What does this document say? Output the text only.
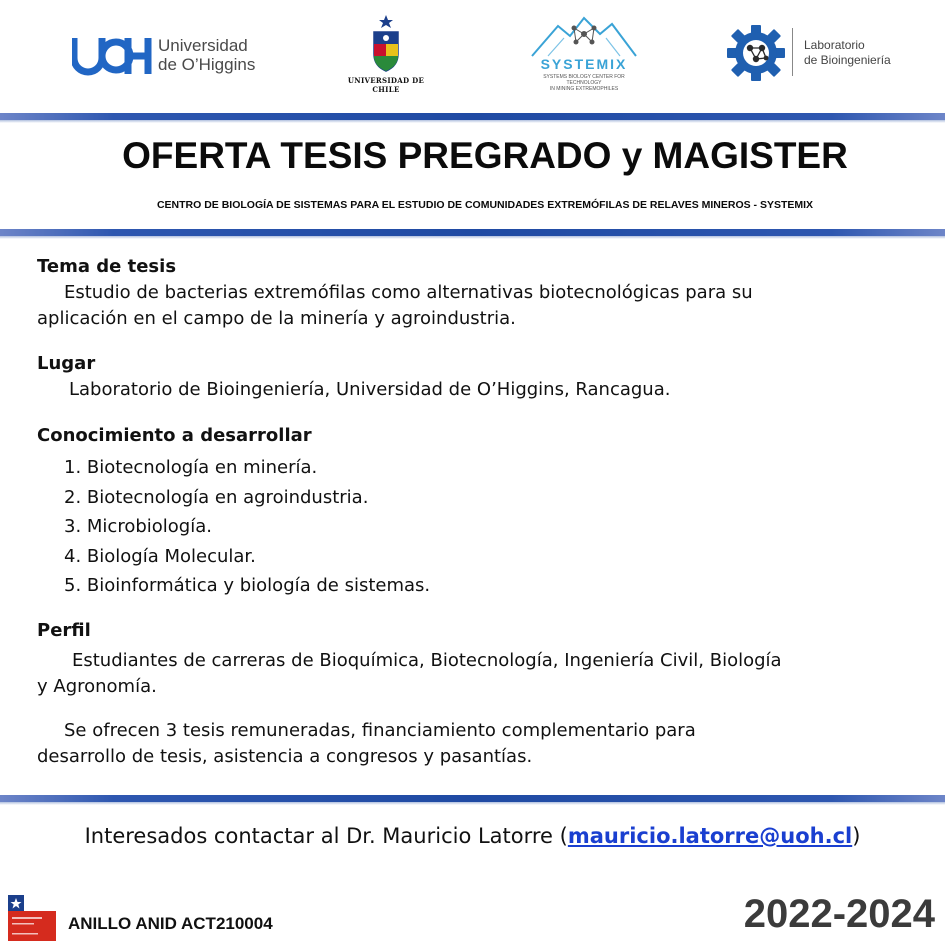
Universidad
de O’Higgins
UNIVERSIDAD DE CHILE
SYSTEMIX
SYSTEMS BIOLOGY CENTER FOR TECHNOLOGY
IN MINING EXTREMOPHILES
Laboratorio
de Bioingeniería
OFERTA TESIS PREGRADO y MAGISTER

CENTRO DE BIOLOGÍA DE SISTEMAS PARA EL ESTUDIO DE COMUNIDADES EXTREMÓFILAS DE RELAVES MINEROS - SYSTEMIX

Tema de tesis

Estudio de bacterias extremófilas como alternativas biotecnológicas para su

aplicación en el campo de la minería y agroindustria.

Lugar

Laboratorio de Bioingeniería, Universidad de O’Higgins, Rancagua.

Conocimiento a desarrollar
1. Biotecnología en minería.
2. Biotecnología en agroindustria.
3. Microbiología.
4. Biología Molecular.
5. Bioinformática y biología de sistemas.
Perfil

Estudiantes de carreras de Bioquímica, Biotecnología, Ingeniería Civil, Biología

y Agronomía.

Se ofrecen 3 tesis remuneradas, financiamiento complementario para

desarrollo de tesis, asistencia a congresos y pasantías.

Interesados contactar al Dr. Mauricio Latorre (mauricio.latorre@uoh.cl)
ANILLO ANID ACT210004	2022-2024
